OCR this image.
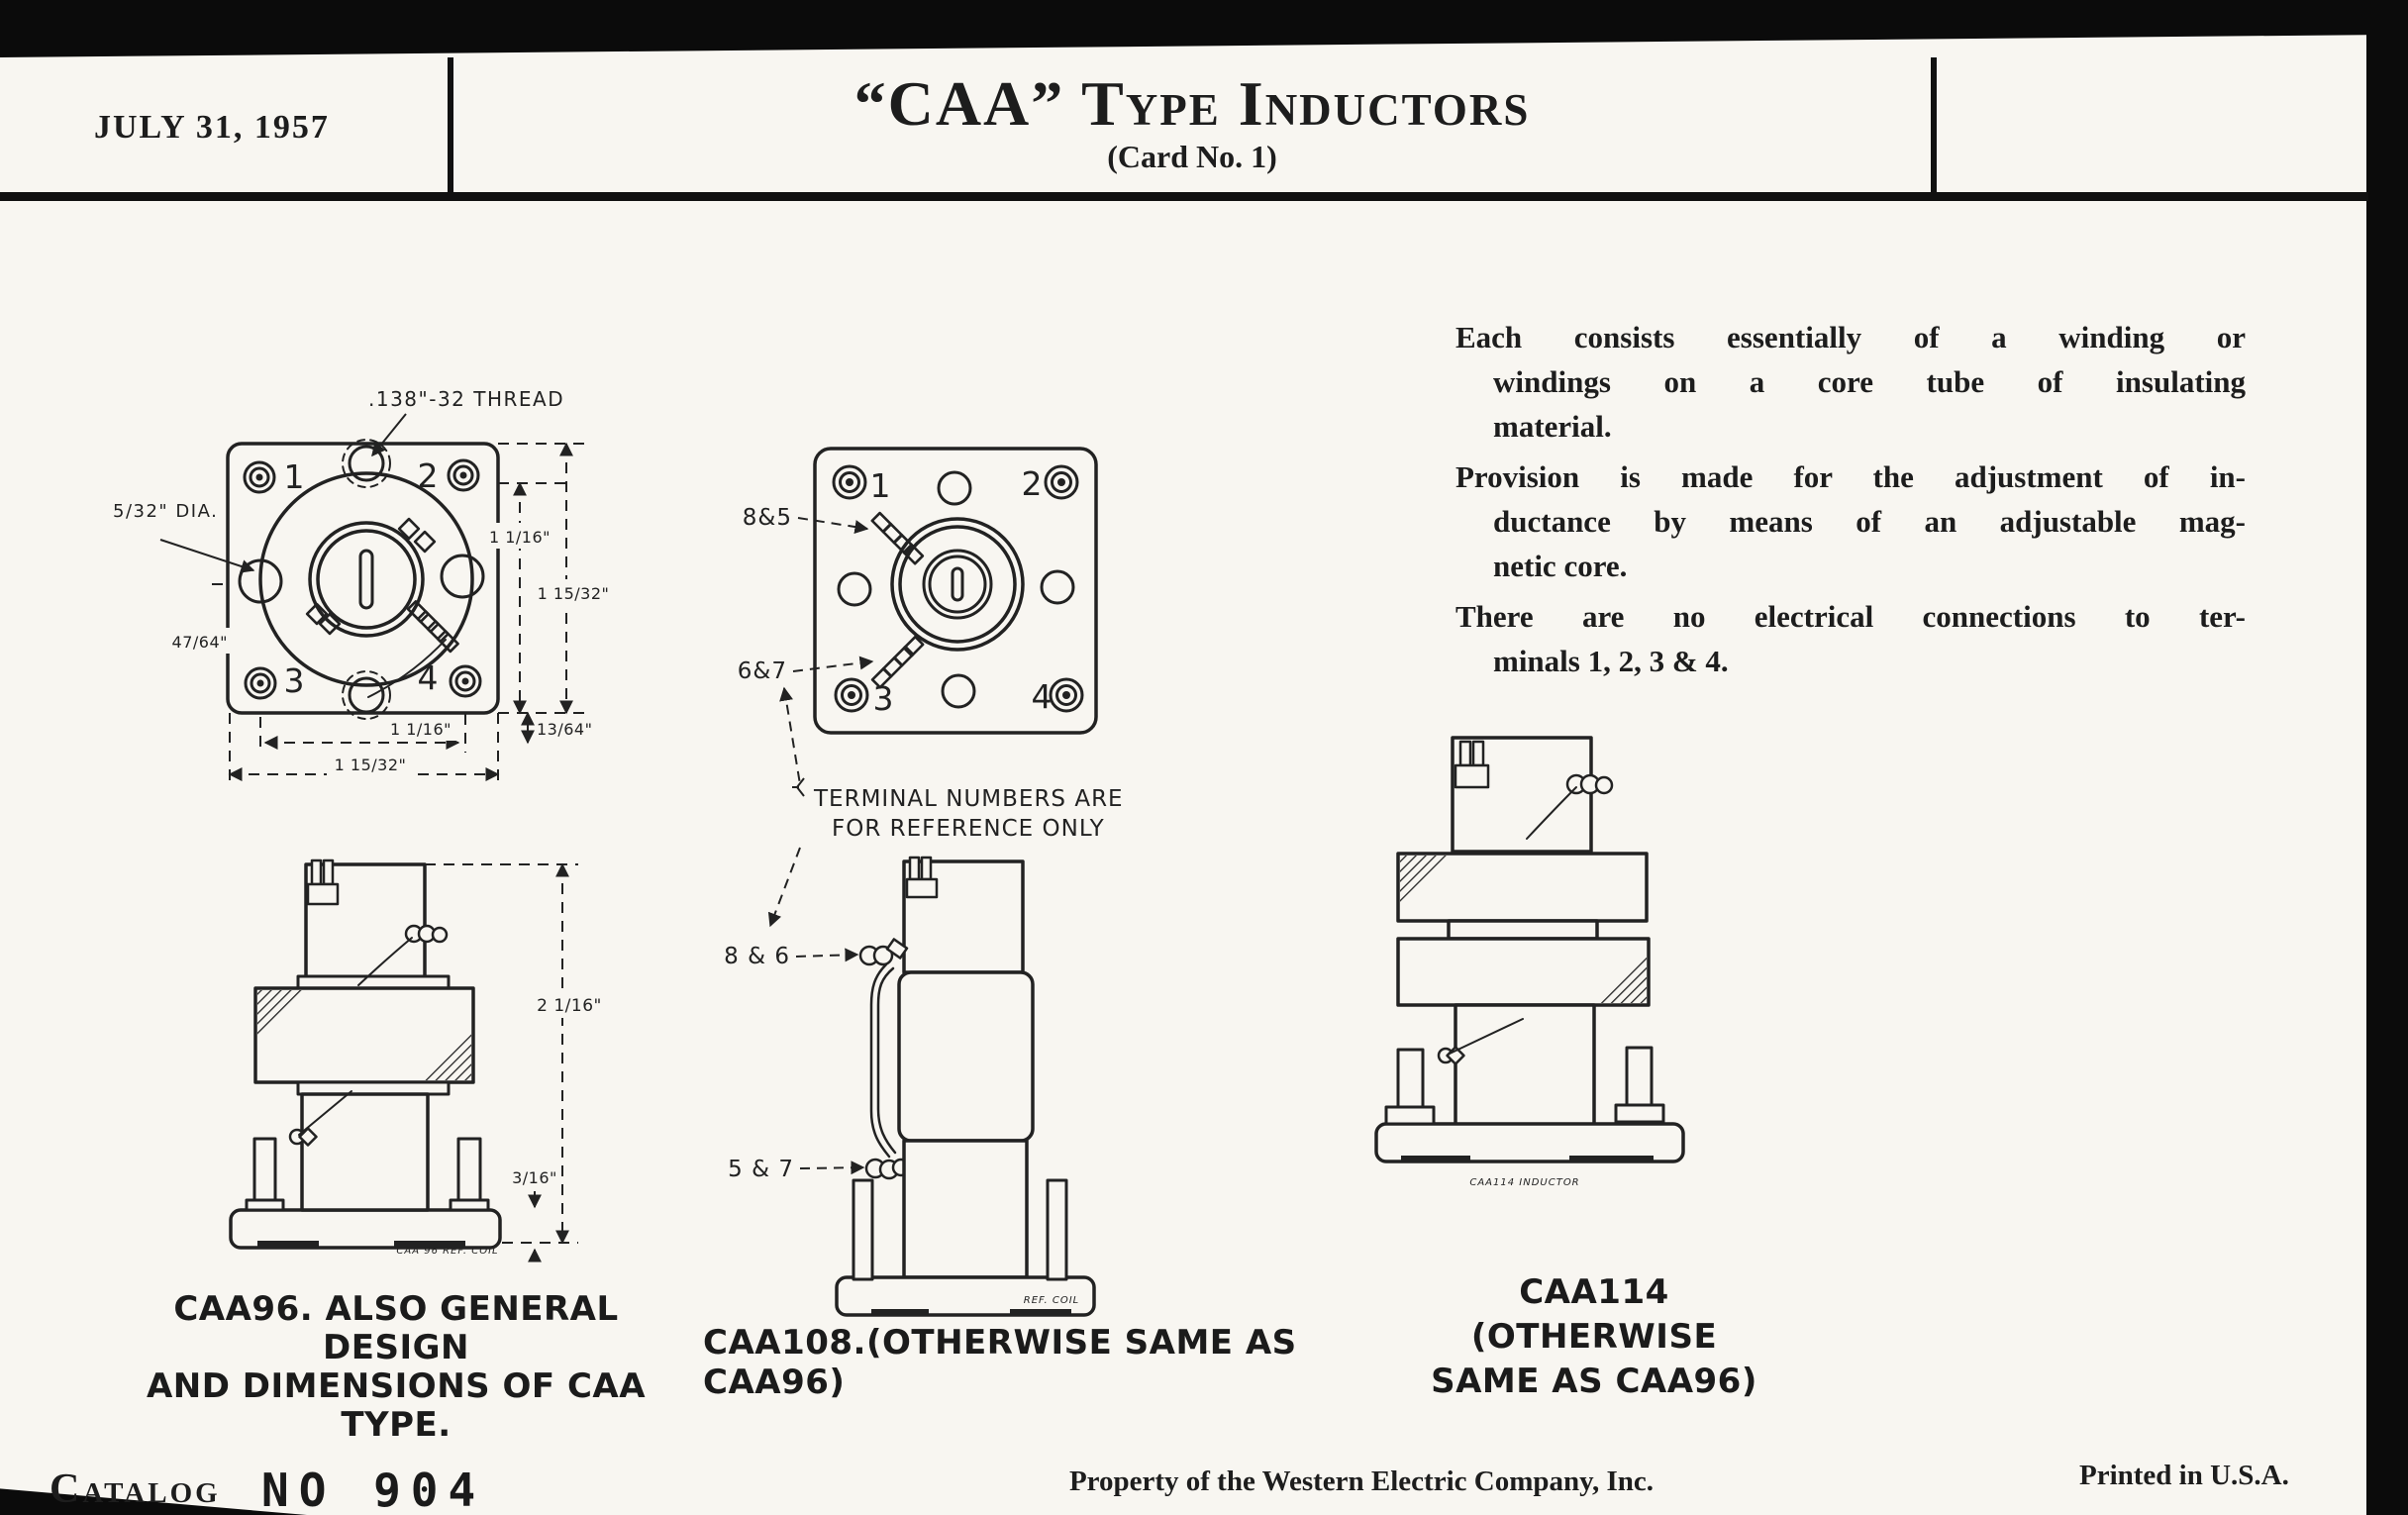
JULY 31, 1957	“CAA” Type Inductors
(Card No. 1)

Each consists essentially of a winding or
windings on a core tube of insulating
material.

Provision is made for the adjustment of in-
ductance by means of an adjustable mag-
netic core.

There are no electrical connections to ter-
minals 1, 2, 3 & 4.

.138"-32 THREAD
5/32" DIA.
1	2
3	4
1 1/16"
1 15/32"
47/64"
1 1/16"
1 15/32"
13/64"
2 1/16"
3/16"
CAA 96 REF. COIL
1	2
3	4
8&5
6&7
TERMINAL NUMBERS ARE
FOR REFERENCE ONLY
8 & 6
5 & 7
REF. COIL
CAA114 INDUCTOR
CAA96. ALSO GENERAL DESIGN
AND DIMENSIONS OF CAA TYPE.
CAA108.(OTHERWISE SAME AS CAA96)
CAA114 (OTHERWISE
SAME AS CAA96)
Catalog NO 904	Property of the Western Electric Company, Inc.	Printed in U.S.A.
